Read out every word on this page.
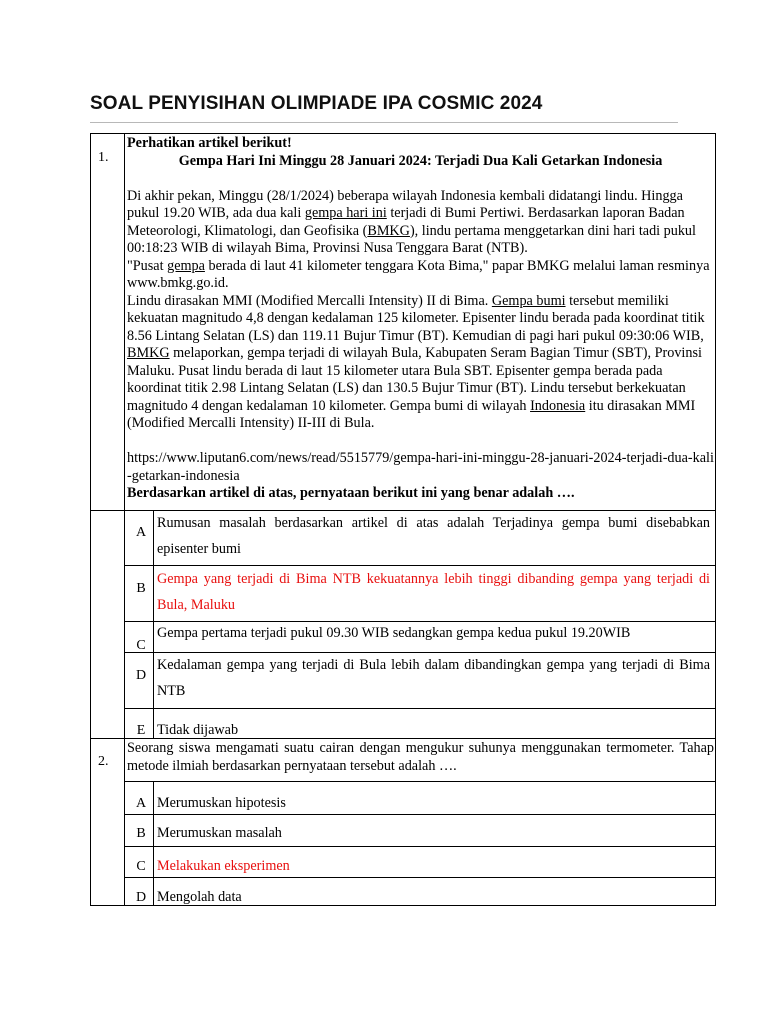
SOAL PENYISIHAN OLIMPIADE IPA COSMIC 2024
1.

Perhatikan artikel berikut!

Gempa Hari Ini Minggu 28 Januari 2024: Terjadi Dua Kali Getarkan Indonesia

Di akhir pekan, Minggu (28/1/2024) beberapa wilayah Indonesia kembali didatangi lindu. Hingga pukul 19.20 WIB, ada dua kali gempa hari ini terjadi di Bumi Pertiwi. Berdasarkan laporan Badan Meteorologi, Klimatologi, dan Geofisika (BMKG), lindu pertama menggetarkan dini hari tadi pukul 00:18:23 WIB di wilayah Bima, Provinsi Nusa Tenggara Barat (NTB).

"Pusat gempa berada di laut 41 kilometer tenggara Kota Bima," papar BMKG melalui laman resminya www.bmkg.go.id.

Lindu dirasakan MMI (Modified Mercalli Intensity) II di Bima. Gempa bumi tersebut memiliki kekuatan magnitudo 4,8 dengan kedalaman 125 kilometer. Episenter lindu berada pada koordinat titik 8.56 Lintang Selatan (LS) dan 119.11 Bujur Timur (BT). Kemudian di pagi hari pukul 09:30:06 WIB, BMKG melaporkan, gempa terjadi di wilayah Bula, Kabupaten Seram Bagian Timur (SBT), Provinsi Maluku. Pusat lindu berada di laut 15 kilometer utara Bula SBT. Episenter gempa berada pada koordinat titik 2.98 Lintang Selatan (LS) dan 130.5 Bujur Timur (BT). Lindu tersebut berkekuatan magnitudo 4 dengan kedalaman 10 kilometer. Gempa bumi di wilayah Indonesia itu dirasakan MMI (Modified Mercalli Intensity) II-III di Bula.

https://www.liputan6.com/news/read/5515779/gempa-hari-ini-minggu-28-januari-2024-terjadi-dua-kali-getarkan-indonesia

Berdasarkan artikel di atas, pernyataan berikut ini yang benar adalah ….

A
Rumusan masalah berdasarkan artikel di atas adalah Terjadinya gempa bumi disebabkan episenter bumi
B
Gempa yang terjadi di Bima NTB kekuatannya lebih tinggi dibanding gempa yang terjadi di Bula, Maluku
C
Gempa pertama terjadi pukul 09.30 WIB sedangkan gempa kedua pukul 19.20WIB
D
Kedalaman gempa yang terjadi di Bula lebih dalam dibandingkan gempa yang terjadi di Bima NTB
E Tidak dijawab
2.
Seorang siswa mengamati suatu cairan dengan mengukur suhunya menggunakan termometer. Tahap metode ilmiah berdasarkan pernyataan tersebut adalah ….
A Merumuskan hipotesis
B Merumuskan masalah
C Melakukan eksperimen
D Mengolah data
